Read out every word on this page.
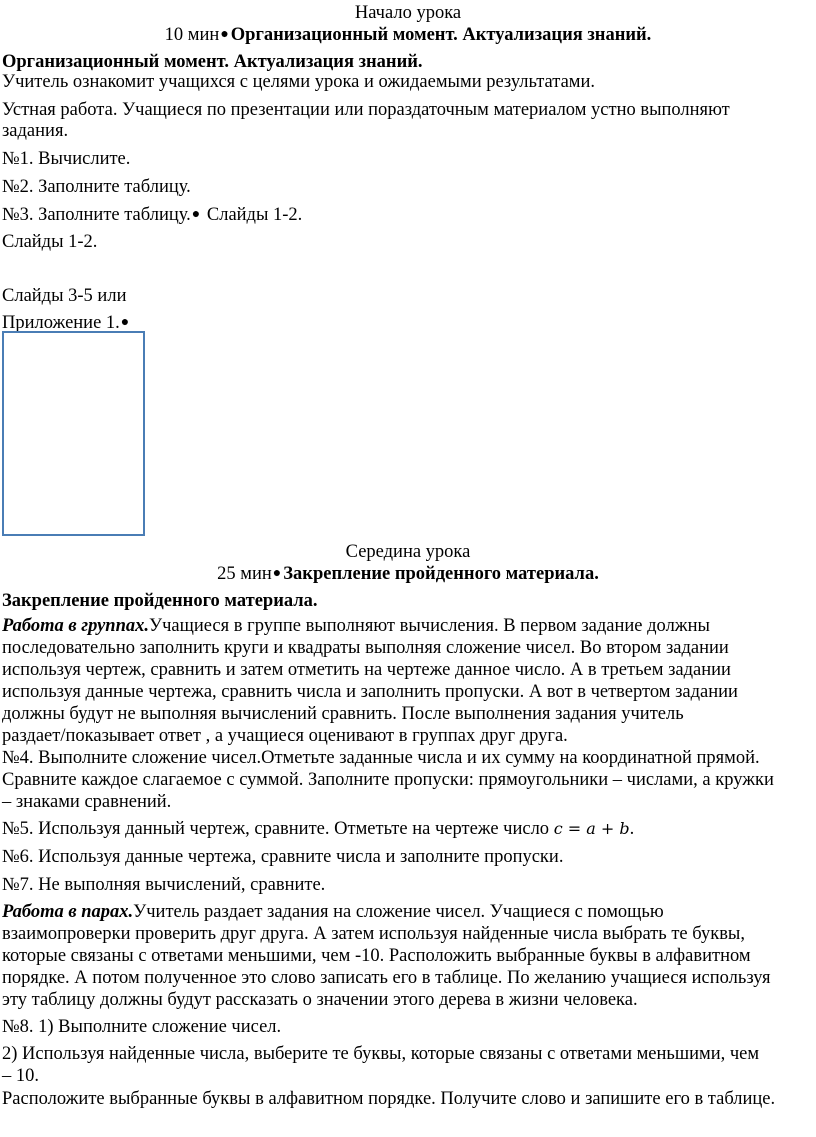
Начало урока
10 мин● Организационный момент. Актуализация знаний.
Организационный момент. Актуализация знаний.
Учитель ознакомит учащихся с целями урока и ожидаемыми результатами.
Устная работа. Учащиеся по презентации или пораздаточным материалом устно выполняют
задания.
№1. Вычислите.
№2. Заполните таблицу.
№3. Заполните таблицу.● Слайды 1-2.
Слайды 1-2.
Слайды 3-5 или
Приложение 1.●
Середина урока
25 мин● Закрепление пройденного материала.
Закрепление пройденного материала.
Работа в группах.Учащиеся в группе выполняют вычисления. В первом задание должны
последовательно заполнить круги и квадраты выполняя сложение чисел. Во втором задании
используя чертеж, сравнить и затем отметить на чертеже данное число. А в третьем задании
используя данные чертежа, сравнить числа и заполнить пропуски. А вот в четвертом задании
должны будут не выполняя вычислений сравнить. После выполнения задания учитель
раздает/показывает ответ , а учащиеся оценивают в группах друг друга.
№4. Выполните сложение чисел.Отметьте заданные числа и их сумму на координатной прямой.
Сравните каждое слагаемое с суммой. Заполните пропуски: прямоугольники – числами, а кружки
– знаками сравнений.
№5. Используя данный чертеж, сравните. Отметьте на чертеже число c = a + b.
№6. Используя данные чертежа, сравните числа и заполните пропуски.
№7. Не выполняя вычислений, сравните.
Работа в парах.Учитель раздает задания на сложение чисел. Учащиеся с помощью
взаимопроверки проверить друг друга. А затем используя найденные числа выбрать те буквы,
которые связаны с ответами меньшими, чем -10. Расположить выбранные буквы в алфавитном
порядке. А потом полученное это слово записать его в таблице. По желанию учащиеся используя
эту таблицу должны будут рассказать о значении этого дерева в жизни человека.
№8. 1) Выполните сложение чисел.
2) Используя найденные числа, выберите те буквы, которые связаны с ответами меньшими, чем
– 10.
Расположите выбранные буквы в алфавитном порядке. Получите слово и запишите его в таблице.
